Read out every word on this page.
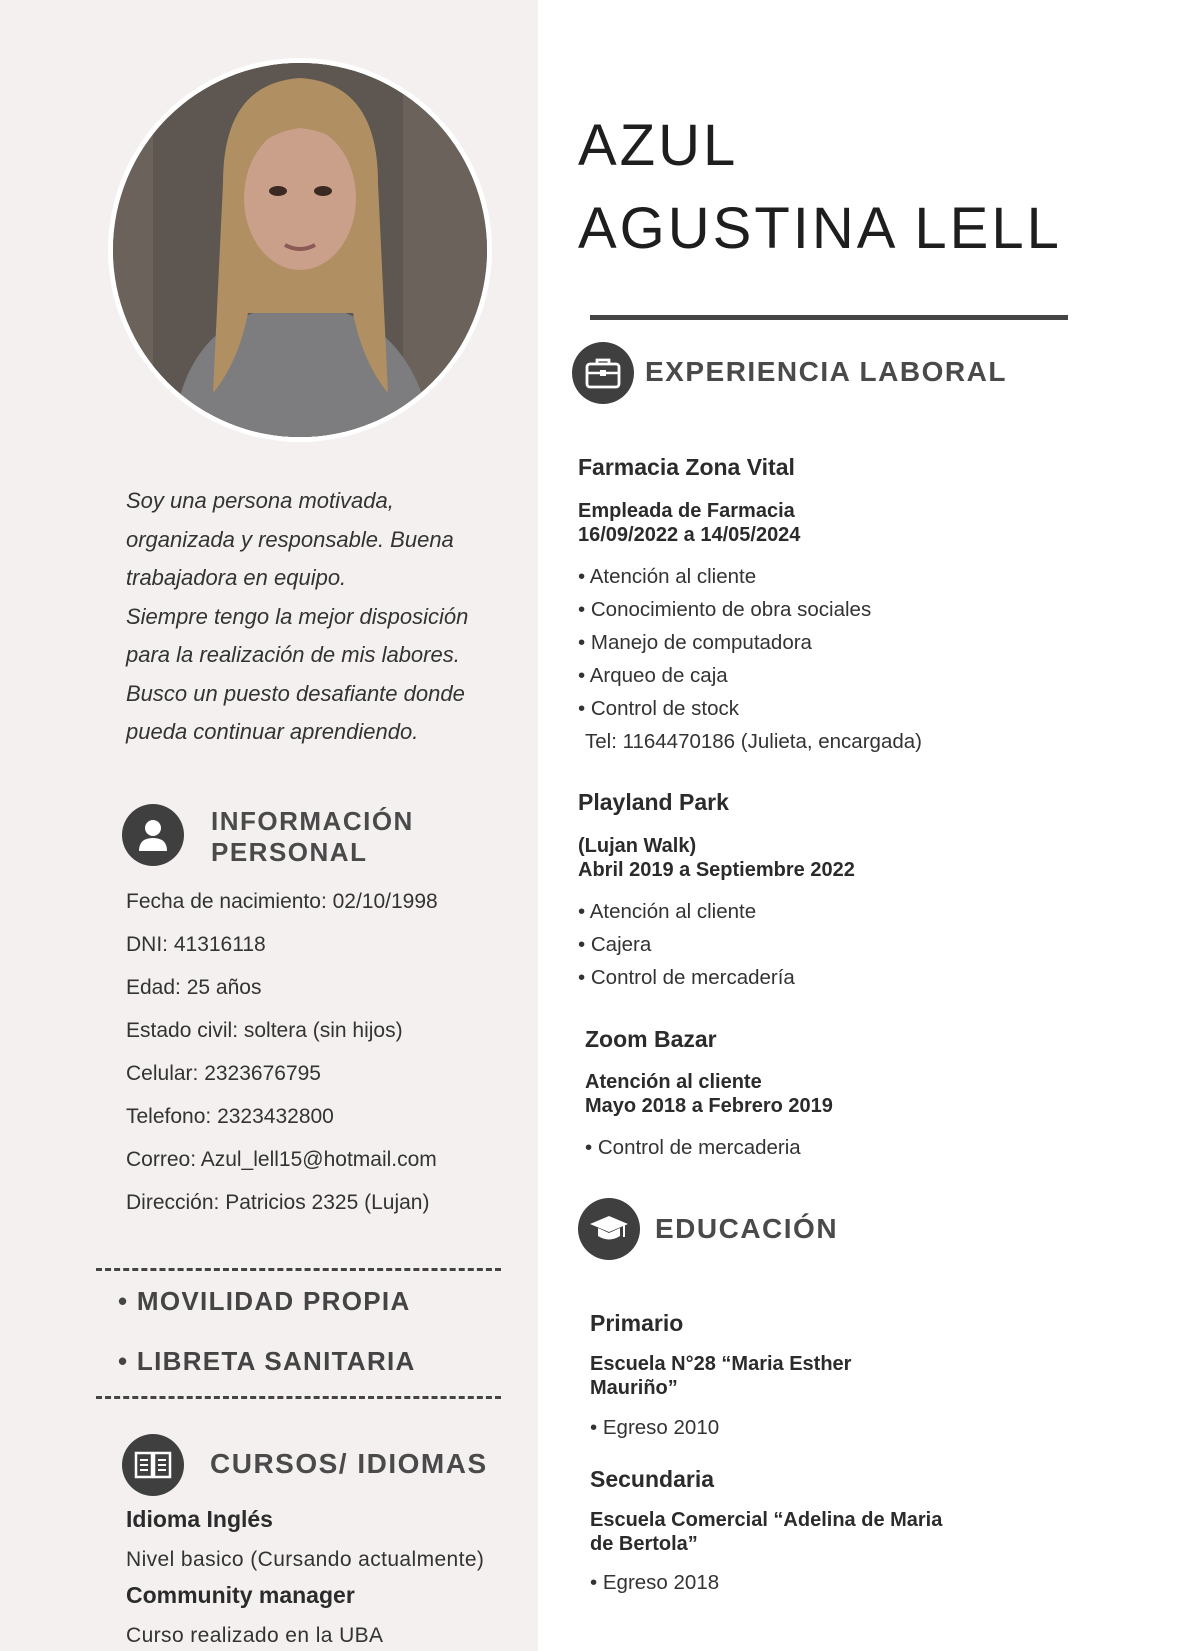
Soy una persona motivada,
organizada y responsable. Buena
trabajadora en equipo.
Siempre tengo la mejor disposición
para la realización de mis labores.
Busco un puesto desafiante donde
pueda continuar aprendiendo.
INFORMACIÓN
PERSONAL
Fecha de nacimiento: 02/10/1998
DNI: 41316118
Edad: 25 años
Estado civil: soltera (sin hijos)
Celular: 2323676795
Telefono: 2323432800
Correo: Azul_lell15@hotmail.com
Dirección: Patricios 2325 (Lujan)
• MOVILIDAD PROPIA
• LIBRETA SANITARIA
CURSOS/ IDIOMAS
Idioma Inglés
Nivel basico (Cursando actualmente)
Community manager
Curso realizado en la UBA
AZUL
AGUSTINA LELL
EXPERIENCIA LABORAL
Farmacia Zona Vital
Empleada de Farmacia
16/09/2022 a 14/05/2024
• Atención al cliente
• Conocimiento de obra sociales
• Manejo de computadora
• Arqueo de caja
• Control de stock
Tel: 1164470186 (Julieta, encargada)
Playland Park
(Lujan Walk)
Abril 2019 a Septiembre 2022
• Atención al cliente
• Cajera
• Control de mercadería
Zoom Bazar
Atención al cliente
Mayo 2018 a Febrero 2019
• Control de mercaderia
EDUCACIÓN
Primario
Escuela N°28 “Maria Esther
Mauriño”
• Egreso 2010
Secundaria
Escuela Comercial “Adelina de Maria
de Bertola”
• Egreso 2018
